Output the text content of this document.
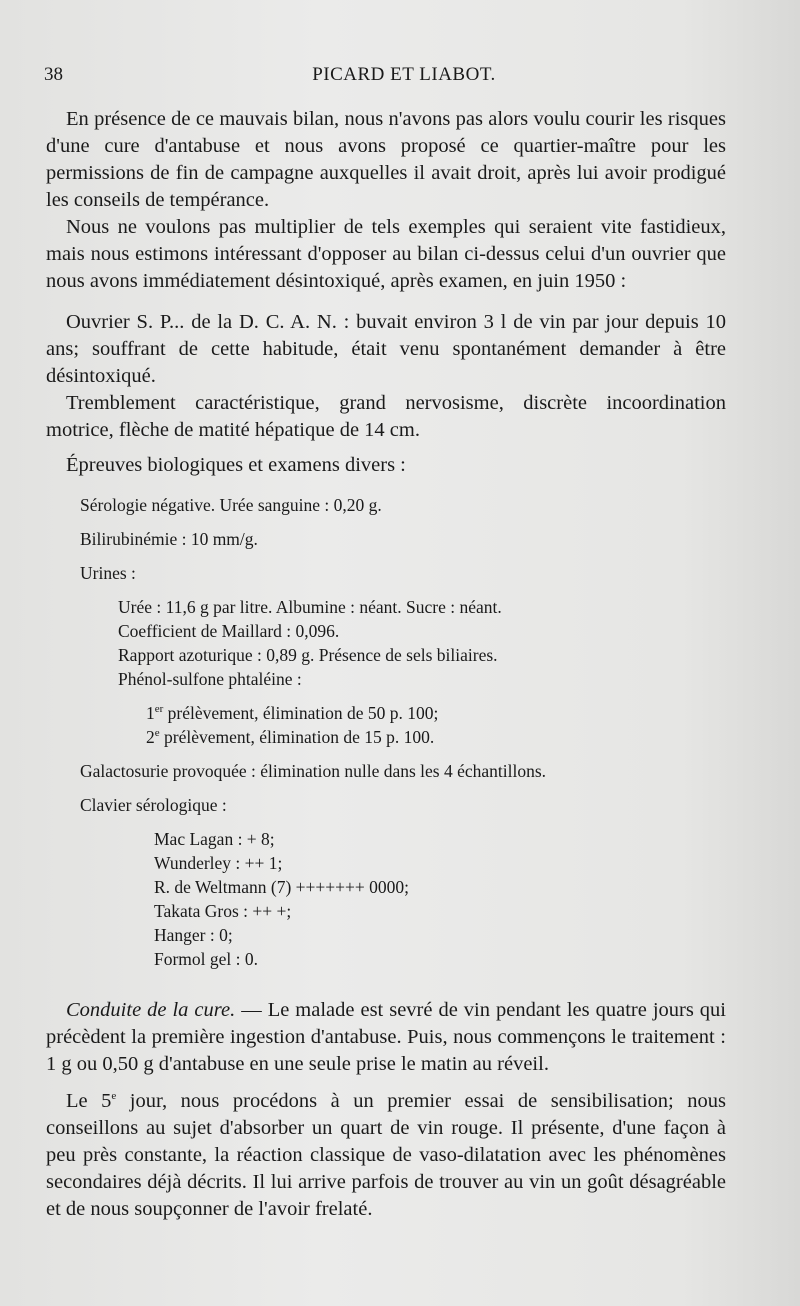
38	PICARD ET LIABOT.

En présence de ce mauvais bilan, nous n'avons pas alors voulu courir les risques d'une cure d'antabuse et nous avons proposé ce quartier-maître pour les permissions de fin de campagne auxquelles il avait droit, après lui avoir prodigué les conseils de tempérance.

Nous ne voulons pas multiplier de tels exemples qui seraient vite fastidieux, mais nous estimons intéressant d'opposer au bilan ci-dessus celui d'un ouvrier que nous avons immédiatement désintoxiqué, après examen, en juin 1950 :

Ouvrier S. P... de la D. C. A. N. : buvait environ 3 l de vin par jour depuis 10 ans; souffrant de cette habitude, était venu spontanément demander à être désintoxiqué.

Tremblement caractéristique, grand nervosisme, discrète incoordination motrice, flèche de matité hépatique de 14 cm.

Épreuves biologiques et examens divers :

Sérologie négative. Urée sanguine : 0,20 g.

Bilirubinémie : 10 mm/g.

Urines :

Urée : 11,6 g par litre. Albumine : néant. Sucre : néant.

Coefficient de Maillard : 0,096.

Rapport azoturique : 0,89 g. Présence de sels biliaires.

Phénol-sulfone phtaléine :

1er prélèvement, élimination de 50 p. 100;

2e prélèvement, élimination de 15 p. 100.

Galactosurie provoquée : élimination nulle dans les 4 échantillons.

Clavier sérologique :

Mac Lagan : + 8;

Wunderley : ++ 1;

R. de Weltmann (7) +++++++ 0000;

Takata Gros : ++ +;

Hanger : 0;

Formol gel : 0.

Conduite de la cure. — Le malade est sevré de vin pendant les quatre jours qui précèdent la première ingestion d'antabuse. Puis, nous commençons le traitement : 1 g ou 0,50 g d'antabuse en une seule prise le matin au réveil.

Le 5e jour, nous procédons à un premier essai de sensibilisation; nous conseillons au sujet d'absorber un quart de vin rouge. Il présente, d'une façon à peu près constante, la réaction classique de vaso-dilatation avec les phénomènes secondaires déjà décrits. Il lui arrive parfois de trouver au vin un goût désagréable et de nous soupçonner de l'avoir frelaté.
